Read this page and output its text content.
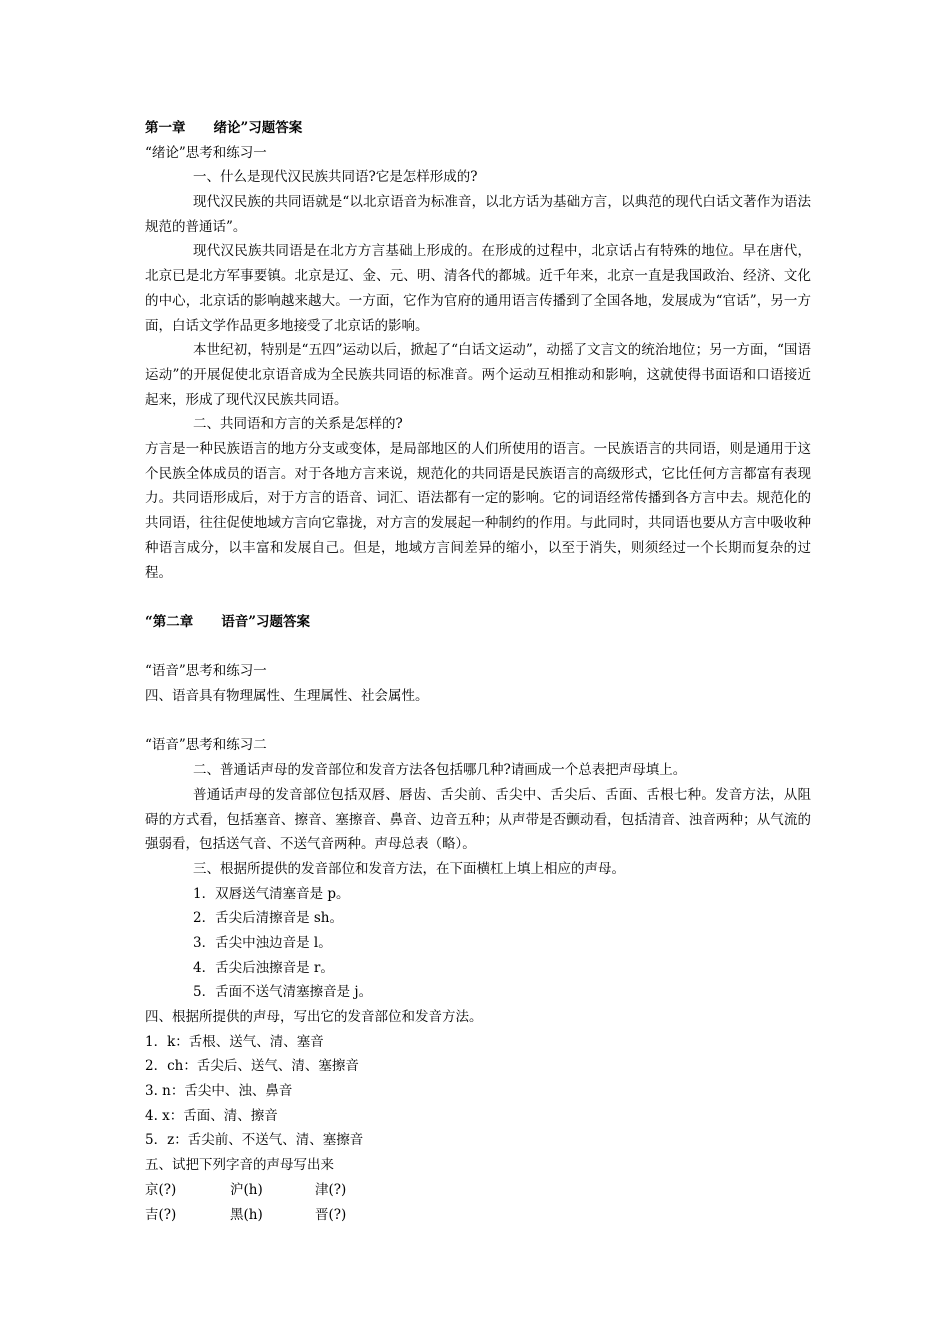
第一章 绪论”习题答案
“绪论”思考和练习一
一、什么是现代汉民族共同语?它是怎样形成的?
现代汉民族的共同语就是“以北京语音为标准音，以北方话为基础方言，以典范的现代白话文著作为语法规范的普通话”。
现代汉民族共同语是在北方方言基础上形成的。在形成的过程中，北京话占有特殊的地位。早在唐代，北京已是北方军事要镇。北京是辽、金、元、明、清各代的都城。近千年来，北京一直是我国政治、经济、文化的中心，北京话的影响越来越大。一方面，它作为官府的通用语言传播到了全国各地，发展成为“官话”，另一方面，白话文学作品更多地接受了北京话的影响。
本世纪初，特别是“五四”运动以后，掀起了“白话文运动”，动摇了文言文的统治地位；另一方面，“国语运动”的开展促使北京语音成为全民族共同语的标准音。两个运动互相推动和影响，这就使得书面语和口语接近起来，形成了现代汉民族共同语。
二、共同语和方言的关系是怎样的?
方言是一种民族语言的地方分支或变体，是局部地区的人们所使用的语言。一民族语言的共同语，则是通用于这个民族全体成员的语言。对于各地方言来说，规范化的共同语是民族语言的高级形式，它比任何方言都富有表现力。共同语形成后，对于方言的语音、词汇、语法都有一定的影响。它的词语经常传播到各方言中去。规范化的共同语，往往促使地域方言向它靠拢，对方言的发展起一种制约的作用。与此同时，共同语也要从方言中吸收种种语言成分，以丰富和发展自己。但是，地域方言间差异的缩小，以至于消失，则须经过一个长期而复杂的过程。
“第二章 语音”习题答案
“语音”思考和练习一
四、语音具有物理属性、生理属性、社会属性。
“语音”思考和练习二
二、普通话声母的发音部位和发音方法各包括哪几种?请画成一个总表把声母填上。
普通话声母的发音部位包括双唇、唇齿、舌尖前、舌尖中、舌尖后、舌面、舌根七种。发音方法，从阻碍的方式看，包括塞音、擦音、塞擦音、鼻音、边音五种；从声带是否颤动看，包括清音、浊音两种；从气流的强弱看，包括送气音、不送气音两种。声母总表（略）。
三、根据所提供的发音部位和发音方法，在下面横杠上填上相应的声母。
1．双唇送气清塞音是 p。
2．舌尖后清擦音是 sh。
3．舌尖中浊边音是 l。
4．舌尖后浊擦音是 r。
5．舌面不送气清塞擦音是 j。
四、根据所提供的声母，写出它的发音部位和发音方法。
1．k：舌根、送气、清、塞音
2．ch：舌尖后、送气、清、塞擦音
3. n：舌尖中、浊、鼻音
4. x：舌面、清、擦音
5．z：舌尖前、不送气、清、塞擦音
五、试把下列字音的声母写出来
京(?)	沪(h)	津(?)
吉(?)	黑(h)	晋(?)
